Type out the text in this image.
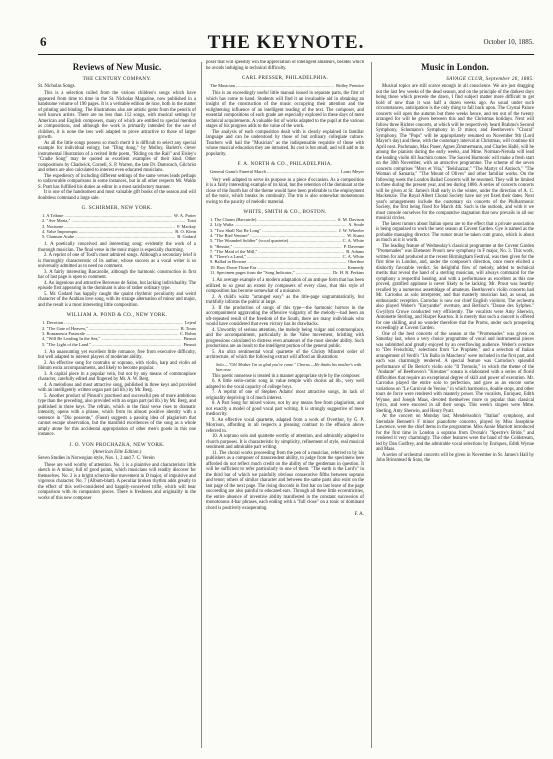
6	THE KEYNOTE.	October 10, 1885.
Reviews of New Music.
THE CENTURY COMPANY.
St. Nicholas Songs.

This is a selection culled from the various children's songs which have appeared from time to time in the St. Nicholas Magazine, now published in a handsome volume of 190 pages. It is a veritable edition de luxe, both in the matter of printing and binding. The illustrations also are artistic gems from the pencils of well known artists. There are no less than 112 songs, with musical settings by American and English composers, many of which are entitled to special mention as compositions, and although the work is primarily intended for the use of children, it is none the less well adapted to prove attractive to those of larger growth.

As all the little songs possess so much merit it is difficult to select any special example for individual eulogy, but "Ding dong," by Molloy, Barlett's clever instrumental illustration of a recited little poem, "Riding on the Rail" and Elsley's "Cradle Song" may be quoted as excellent examples of their kind. Other compositions by Chadwick, Cornell, S. P. Warren, the late Dr. Damrosch, Gilchrist and others are also calculated to interest even educated musicians.

The expediency of including different settings of the same verses leads perhaps to unfavorable comparisons in some instances, but in all other respects Mr. Waldo S. Pratt has fulfilled his duties as editor in a most satisfactory manner.

It is one of the handsomest and most valuable gift books of the season and will doubtless command a large sale.

G. SCHIRMER, NEW YORK.
1. A Tribute .....	W. A. Potter
2. "Ave Maria," .....	Tosti
3. Nocturne .....	F. Mackay
4. Valse Impromptu .....	B. O. Klein
5. Chanson Arabe .....	B. Godard

1. A poetically conceived and interesting song; evidently the work of a thorough musician. The final verse in the tonic major is especially charming.

2. A reprint of one of Tosti's most admired songs. Although a secondary brief it is thoroughly characteristic of its author, whose success as a vocal writer is so universally admitted as to need no comment.

3. A fairly interesting Barcarolle, although the harmonic construction in first bar of last page is open to comment.

4. An ingenious and attractive Berceuse de Salon, but lacking individuality. The episode first appearing in the dominant is also of rather ordinary type.

5. Mr. Godard has happily caught the quaint rhythmic peculiarity and weird character of the Arabian love song, with its strange alternation of minor and major, and the result is a most interesting little composition.

WILLIAM A. POND & CO., NEW YORK.
1. Devotion .....	Lejeal
2. "The Gate of Heaven," .....	B. Tours
3. Romanesca Pastorale .....	C. Bohm
4. "Will Be Leading In the Sea," .....	Pinsuti
5. "The Light of the Land." .....	Pinsuti

1. An unassuming yet excellent little romance, free from executive difficulty, but well adapted to interest players of moderate ability.

2. An effective song for contralto or soprano, with violin, harp and violin ad libitum extra accompaniments, and likely to become popular.

3. A capital piece in a popular vein, but not by any means of commonplace character, carefully edited and fingered by Mr. A. W. Berg.

4. A melodious and most attractive song, published in three keys and provided with an intelligently written organ part (ad lib.) by Mr. Berg.

5. Another product of Pinsuti's practised and successful pen of more ambitious type than the preceding, also provided with an organ part (ad lib.) by Mr. Berg, and published in three keys. The refrain, which in the final verse rises to dramatic intensity, opens with a phrase, which from its almost positive identity with a sentence in "Dio possente," (Faust) suggests a passing idea of plagiarism that cannot escape observation, but the manifold excellences of the song as a whole amply atone for this accidental appropriation of other men's goods in this one instance.

J. O. VON PROCHAZKA, NEW YORK.
(American Elite Edition.)
Seven Studies in Norwegian style, Nos. 1, 2 and 7. C. Verein

These are well worthy of attention. No. 1 is a plaintive and characteristic little sketch in A minor, full of good points, which musicians will readily discover for themselves. No. 2 is a bright scherzo-like movement in D major, of impulsive and vigorous character. No. 7 (Album-blatt). A peculiar broken rhythm adds greatly to the effect of this well-considered and happily-conceived trifle, which will bear comparison with its companion pieces. There is freshness and originality in the works of this new composer

poser that will speedily win the appreciation of intelligent amateurs, besides which he avoids indulging in technical difficulty.

CARL PRESSER, PHILADELPHIA.
The Musician .....	Ridley Prentice

This is an exceedingly useful little manual issued in separate parts, the first of which has come to hand. Students will find it an invaluable aid in obtaining an insight of the construction of the music occupying their attention and the enlightening influence of an intelligent reading of the text. The composer, and essential compositions of each grade are especially explored in these days of mere technical acquirements. A valuable list of works adapted to the pupil at the various stages of his progress adds to the value of the work.

The analysis of each composition dealt with is clearly explained in familiar language and can be understood by those of but ordinary collegiate culture. Teachers will hail the "Musician" as the indispensable requisite of those with whose musical education they are intrusted. Its cost is but small, and will add to its popularity.

F. A. NORTH & CO., PHILADELPHIA.
General Grant's Funeral March .....	Louis Meyer

Very well adapted to serve its purpose as a piece d'occasion. As a composition it is a fairly interesting example of its kind, but the retention of the dominant at the close of the fourth bar of the theme would have been preferable to the employment of the tonic, which breaks its continuity. The trio is also somewhat monotonous owing to the paucity of melodic material.

WHITE, SMITH & CO., BOSTON.
1. The Charm (Barcarole) .....	S. M. Davison
2. Lily Waltz .....	A. Soule
3. "Two Shall Not Be Long" .....	J. W. Wheeler
4. "The Bird Venture" .....	W. Kunst
5. "The Wounded Soldier" (vocal quartette) .....	C. A. White
6. "Ressite," .....	P. Davenne
7. "The Maid of the Mill," .....	B. Adams
8. "There's a Land," .....	C. A. White
9. Ballad in Browne .....	Oberthur
10. Bow Down Thine Ear .....	Kennedy
11. Specimen pages from the "Song Indicator," .....	Dr. H. R. Perkins

1. An average example of a modern adaptation of an antique form that has been utilized to so great an extent by composers of every class, that this style of composition has become somewhat of a nuisance.

2. A child's waltz "arranged easy" as the title-page ungrammatically, but truthfully informs the public at large.

3. If the production of songs of this type—the harmonic horrors in the accompaniment aggravating the offensive vulgarity of the melody—had been an oft-repeated result of the freedom of the South, there are many individuals who would have considered that even victory has its drawbacks.

4. Unworthy of serious attention, the melody being vulgar and commonplace, and the accompaniment, particularly in the Valse movement, bristling with progressions calculated to distress even amateurs of the most slender ability. Such productions are an insult to the intelligent portion of the general public.

5. An ultra sentimental vocal quartette of the Christy Minstrel order of architecture, of which the following extract will afford an illustration:

Solo.—"Oh! Mother I'm so glad you've come." Chorus.—He thinks his mother's with him now.

This poetic nonsense is treated in a manner appropriate style by the composer.

6. A little serio-comic song in value temple with chorus ad lib., very well adapted to the vocal capacity of college boys.

7. A reprint of one of Stephen Adams' most attractive songs, its lack of originality depriving it of much interest.

8. A Part Song for mixed voices, not by any means free from plagiarism, and not exactly a model of good vocal part writing. It is strongly suggestive of mere mediocrity.

9. An effective vocal quartette, adapted from a work of Overthur, by G. P. Morrison, affording in all respects a pleasing contrast to the effusion above referred to.

10. A soprano solo and quartette worthy of attention, and admirably adapted to church purposes. It is characteristic by simplicity, refinement of style, real musical sentiment and admirable part writing.

11. The choral works proceeding from the pen of a musician, referred to by his publishers as a composer of transcendent ability, to judge from the specimens here afforded do not reflect much credit on the ability of the gentleman in question. It will be sufficient to refer particularly to one of them. "The earth is the Lord's" in the third bar of which we painfully obvious consecutive fifths between soprano and tenor; others of similar character and between the same parts also exist on the last page of the next page. The rising discords in first bar on last leave of the page succeeding are also painful to educated ears. Through all these little eccentricities, the entire absence of inventive ability manifested in the constant succession of monotonous 4-bar phrases, each ending with a "full close" on a tonic or dominant chord is positively exasperating.

F. A.
Music in London.
SAVAGE CLUB, September 26, 1885.

Musical topics are still scarce enough in all conscience. We are just dragging out the last few weeks of the dead season, and on the principle of the darkest days being those which precede the dawn, I find subject matter more difficult to get hold of now than it was half a dozen weeks ago. As usual under such circumstances, anticipation is the only thing to fall back upon. The Crystal Palace concerts will open the autumn but three weeks hence, and ten out of the twenty arranged for will be given between this and the Christmas holidays. Next will follow three Richter concerts, at which will be respectively heard Brahms's Second Symphony, Schumann's Symphony in D minor, and Beethoven's "Choral" Symphony. The "Pops" will be appropriately resumed on November 9th (Lord Mayor's day) and these, with the customary interval at Christmas, will continue till April next. Pachmann, Max Pauer, Agnes Zimmermann, and Charles Hallé, will be among the pianists during the early weeks, and Mme. Norman-Neruda will lead the leading violin till Joachim comes. The Sacred Harmonic will make a fresh start on the 30th November, with an attractive programme. The scheme of the seven concerts comprises "Mors et Vita," "Belshazzar," "The Martyr of Antioch," "The Woman of Samaria," "The Mount of Olives" and other familiar works. On the following week the London Ballad Concerts will be resumed. They will be limited to three during the present year, and ten during 1886. A series of concerts concerts will be given at St. James's Hall early in the winter, under the direction of A. C. Mackenzie. The Royal Albert Choral Society have not yet fixed their dates. Next year's arrangements include the customary six concerts of the Philharmonic Society, the first being fixed for March 4th. Such is the outlook, and with it we must console ourselves for the comparative stagnation that now prevails in all our musical circles.

The latest rumors about Italian opera are to the effect that a private association is being organized to work the next season at Covent Garden. Gye is named as the probable managing director. The rumor must be taken cum grano, which is about as much as it is worth.

The leading feature of Wednesday's classical programme at the Covent Garden "Promenades" was Ebenezer Prout's new symphony in F major, No. 3. This work, written for and produced at the recent Birmingham Festival, was then given for the first time in London, and, under the composer's direction, once more elicited a distinctly favorable verdict. So delightful flow of melody, added to technical merits that reveal the hand of a sterling musician, will always command for the symphony a respectful hearing, and with a performance as excellent as this one proved, gratified applause is never likely to be lacking. Mr. Prout was heartily recalled by a numerous assemblage of amateurs. Beethoven's violin concerto had Mr. Carrodus as solo interpreter, and that masterly musician had, as usual, an enthusiastic reception. Carrodus is now our chief English violinist. The orchestra also played Weber's "Euryanthe" overture, and Berlioz's "Danse des Sylphes." Gwyllym Crowe conducted very efficiently. The vocalists were Amy Sherwin, Antoinette Sterling, and Harper Kearton. It is merely that such a concert is offered for one shilling, and no wonder therefore that the Proms, under such prospering exceedingly at Covent Garden.

One of the best concerts of the season at the "Promenades" was given on Saturday last, when a very choice programme of vocal and instrumental pieces was submitted and greatly enjoyed by an overflowing audience. Weber's overture to "Der Freischütz," selections from "Le Prophète," and a selection of Italian arrangement of Verdi's "Un Ballo in Maschera" were included in the first part, and each was charmingly rendered. A special feature was Carrodus's splendid performance of De Beriot's violin solo "Il Tremolo," in which the theme of the "Andante" of Beethoven's "Kreutzer" sonata is elaborated with a series of florid difficulties that require an exceptional degree of skill and power of execution. Mr. Carrodus played the entire solo to perfection, and gave as an encore some variations on "Le Carnival de Venise," in which harmonics, double stops, and other tours de force were rendered with masterly power. The vocalists, Enriquez, Edith Wynne, and Joseph Maas, devoted themselves more to popular than classical lyrics, and were encored in all their songs. This week's singers were Mme. Sterling, Amy Sherwin, and Henry Pyatt.

At the concert on Monday last, Mendelssohn's "Italian" symphony, and Sterndale Bennett's F minor pianoforte concerto, played by Miss Josephine Lawrence, were the chief items in the programme. Miss Annie Marriott introduced for the first time in London a soprano from Dvorak's "Spectre's Bride," and rendered it very charmingly. The other features were the band of the Coldstream, led by Dan Godfrey, and the admirable vocal selections by Enriquez, Edith Wynne and Maas.

A series of orchestral concerts will be given in November in St. James's Hall by John Brinsmead & Sons, the
